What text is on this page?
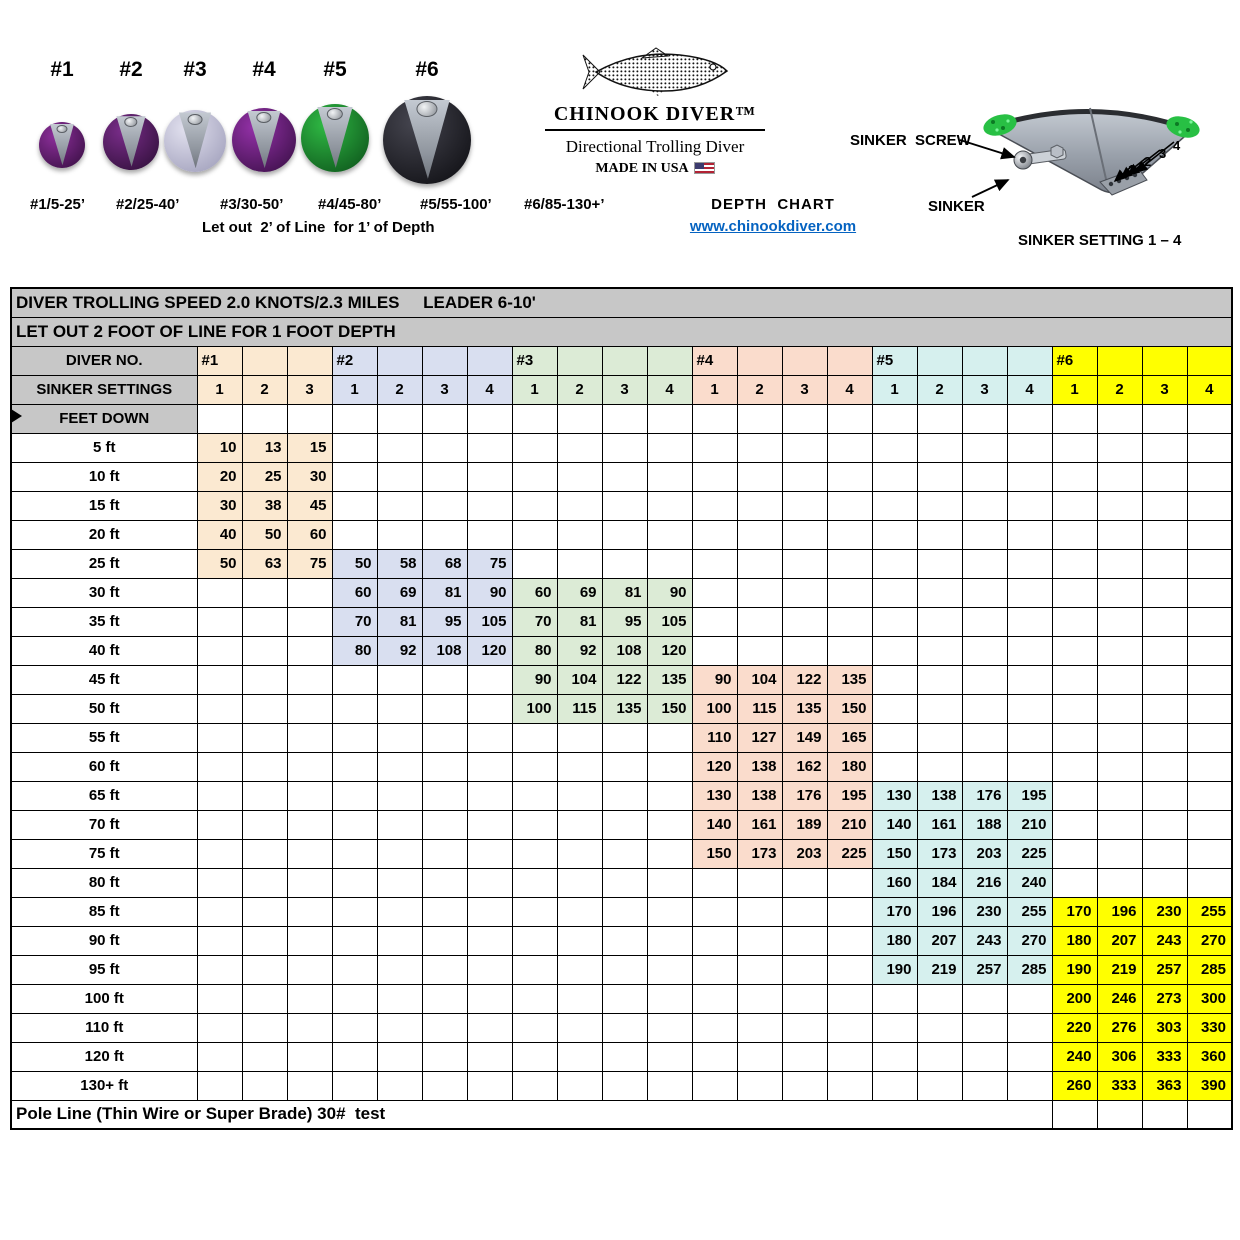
#1
#1/5-25’
#2
#2/25-40’
#3
#3/30-50’
#4
#4/45-80’
#5
#5/55-100’
#6
#6/85-130+’
Let out  2’ of Line  for 1’ of Depth
CHINOOK DIVER™
Directional Trolling Diver
MADE IN USA
DEPTH  CHART
www.chinookdiver.com
SINKER  SCREW
SINKER
SINKER SETTING 1 – 4
1
2
3
4
DIVER TROLLING SPEED 2.0 KNOTS/2.3 MILES     LEADER 6-10'																							
LET OUT 2 FOOT OF LINE FOR 1 FOOT DEPTH																							
DIVER NO.	#1			#2				#3				#4				#5				#6			
SINKER SETTINGS	1	2	3	1	2	3	4	1	2	3	4	1	2	3	4	1	2	3	4	1	2	3	4
FEET DOWN																							
5 ft	10	13	15																				
10 ft	20	25	30																				
15 ft	30	38	45																				
20 ft	40	50	60																				
25 ft	50	63	75	50	58	68	75																
30 ft				60	69	81	90	60	69	81	90												
35 ft				70	81	95	105	70	81	95	105												
40 ft				80	92	108	120	80	92	108	120												
45 ft								90	104	122	135	90	104	122	135								
50 ft								100	115	135	150	100	115	135	150								
55 ft												110	127	149	165								
60 ft												120	138	162	180								
65 ft												130	138	176	195	130	138	176	195				
70 ft												140	161	189	210	140	161	188	210				
75 ft												150	173	203	225	150	173	203	225				
80 ft																160	184	216	240				
85 ft																170	196	230	255	170	196	230	255
90 ft																180	207	243	270	180	207	243	270
95 ft																190	219	257	285	190	219	257	285
100 ft																				200	246	273	300
110 ft																				220	276	303	330
120 ft																				240	306	333	360
130+ ft																				260	333	363	390
Pole Line (Thin Wire or Super Brade) 30#  test																							
